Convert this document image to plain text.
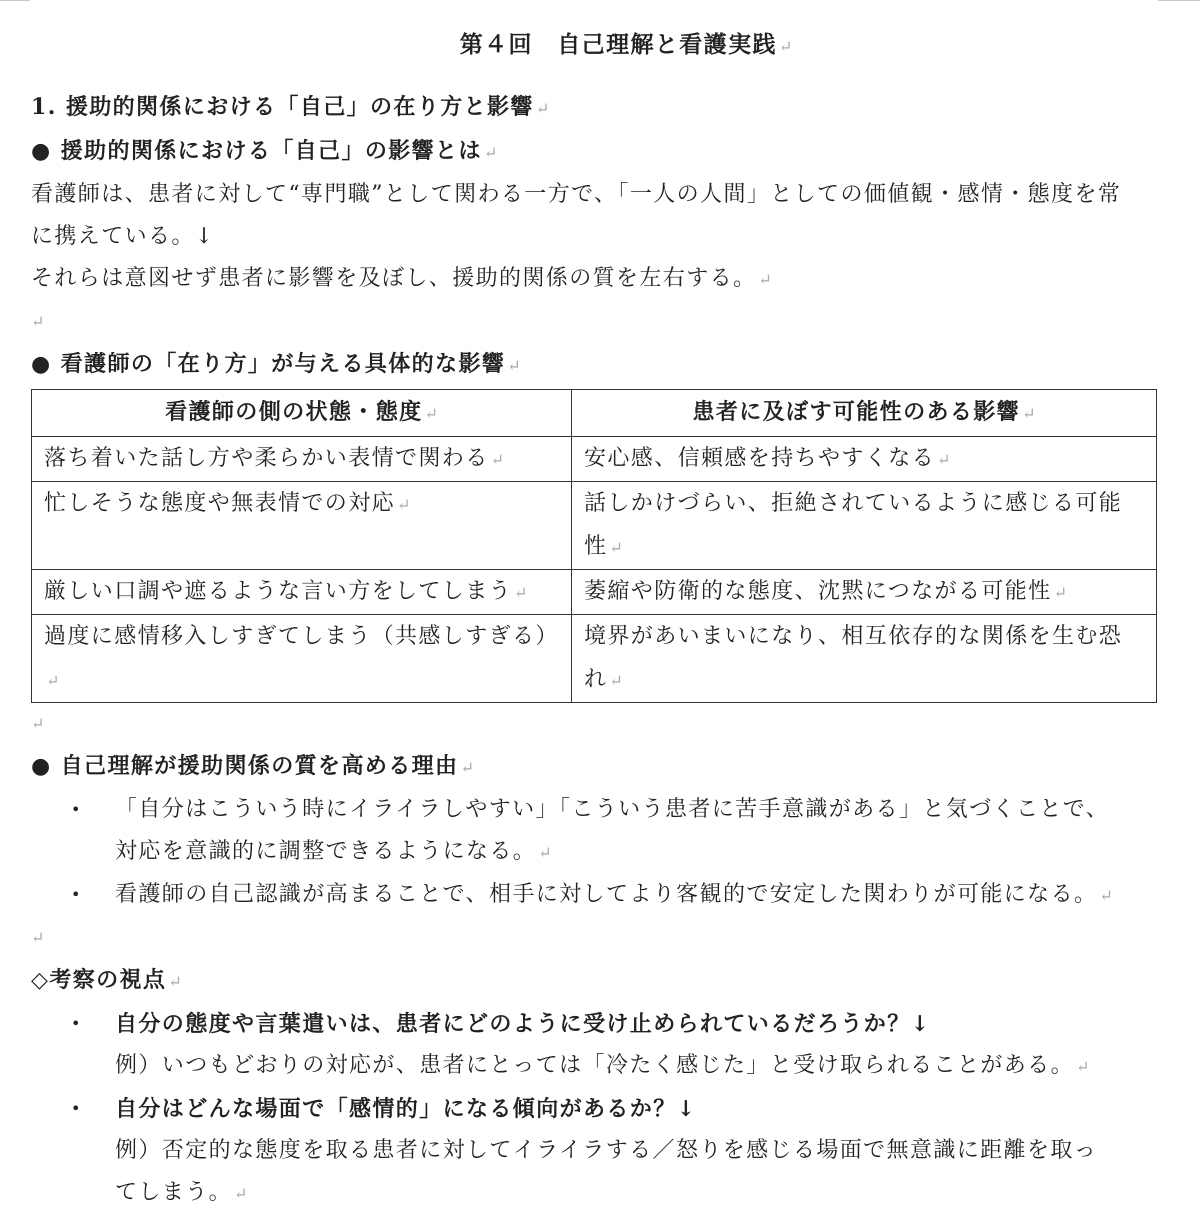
第４回　自己理解と看護実践 ↵
1. 援助的関係における「自己」の在り方と影響 ↵
● 援助的関係における「自己」の影響とは ↵
看護師は、患者に対して“専門職”として関わる一方で、「一人の人間」としての価値観・感情・態度を常
に携えている。↓
それらは意図せず患者に影響を及ぼし、援助的関係の質を左右する。 ↵
↵
● 看護師の「在り方」が与える具体的な影響 ↵
看護師の側の状態・態度 ↵	患者に及ぼす可能性のある影響 ↵
落ち着いた話し方や柔らかい表情で関わる ↵	安心感、信頼感を持ちやすくなる ↵
忙しそうな態度や無表情での対応 ↵	話しかけづらい、拒絶されているように感じる可能性 ↵
厳しい口調や遮るような言い方をしてしまう ↵	萎縮や防衛的な態度、沈黙につながる可能性 ↵
過度に感情移入しすぎてしまう（共感しすぎる）↵	境界があいまいになり、相互依存的な関係を生む恐れ ↵
↵
● 自己理解が援助関係の質を高める理由 ↵
• 「自分はこういう時にイライラしやすい」「こういう患者に苦手意識がある」と気づくことで、
対応を意識的に調整できるようになる。 ↵
• 看護師の自己認識が高まることで、相手に対してより客観的で安定した関わりが可能になる。 ↵
↵
◇考察の視点 ↵
• 自分の態度や言葉遣いは、患者にどのように受け止められているだろうか？↓
例）いつもどおりの対応が、患者にとっては「冷たく感じた」と受け取られることがある。 ↵
• 自分はどんな場面で「感情的」になる傾向があるか？↓
例）否定的な態度を取る患者に対してイライラする／怒りを感じる場面で無意識に距離を取っ
てしまう。 ↵
